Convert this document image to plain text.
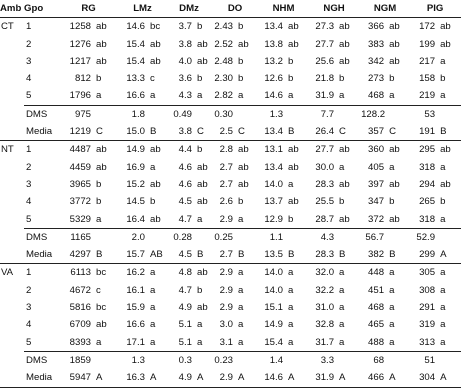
Amb	Gpo	RG		LMz		DMz		DO		NHM		NGH		NGM		PIG	
CT	1	1258	ab	14.6	bc	3.7	b	2.43	b	13.4	ab	27.3	ab	366	ab	172	ab
	2	1276	ab	15.4	ab	3.8	ab	2.52	ab	13.8	ab	27.7	ab	383	ab	199	ab
	3	1217	ab	15.4	ab	4.0	ab	2.48	b	13.2	b	25.6	ab	342	ab	217	a
	4	812	b	13.3	c	3.6	b	2.30	b	12.6	b	21.8	b	273	b	158	b
	5	1796	a	16.6	a	4.3	a	2.82	a	14.6	a	31.9	a	468	a	219	a
	DMS	975		1.8		0.49		0.30		1.3		7.7		128.2		53	
	Media	1219	C	15.0	B	3.8	C	2.5	C	13.4	B	26.4	C	357	C	191	B
NT	1	4487	ab	14.9	ab	4.4	b	2.8	ab	13.1	ab	27.7	ab	360	ab	295	ab
	2	4459	ab	16.9	a	4.6	ab	2.7	ab	13.4	ab	30.0	a	405	a	318	a
	3	3965	b	15.2	ab	4.6	ab	2.7	ab	14.0	a	28.3	ab	397	ab	294	ab
	4	3772	b	14.5	b	4.5	ab	2.6	b	13.7	ab	25.5	b	347	b	265	b
	5	5329	a	16.4	ab	4.7	a	2.9	a	12.9	b	28.7	ab	372	ab	318	a
	DMS	1165		2.0		0.28		0.25		1.1		4.3		56.7		52.9	
	Media	4297	B	15.7	AB	4.5	B	2.7	B	13.5	B	28.3	B	382	B	299	A
VA	1	6113	bc	16.2	a	4.8	ab	2.9	a	14.0	a	32.0	a	448	a	305	a
	2	4672	c	16.1	a	4.7	b	2.9	a	14.0	a	32.2	a	451	a	308	a
	3	5816	bc	15.9	a	4.9	ab	2.9	a	15.1	a	31.0	a	468	a	291	a
	4	6709	ab	16.6	a	5.1	a	3.0	a	14.9	a	32.8	a	465	a	319	a
	5	8393	a	17.1	a	5.1	a	3.1	a	15.4	a	31.7	a	488	a	313	a
	DMS	1859		1.3		0.3		0.23		1.4		3.3		68		51	
	Media	5947	A	16.3	A	4.9	A	2.9	A	14.6	A	31.9	A	466	A	304	A
